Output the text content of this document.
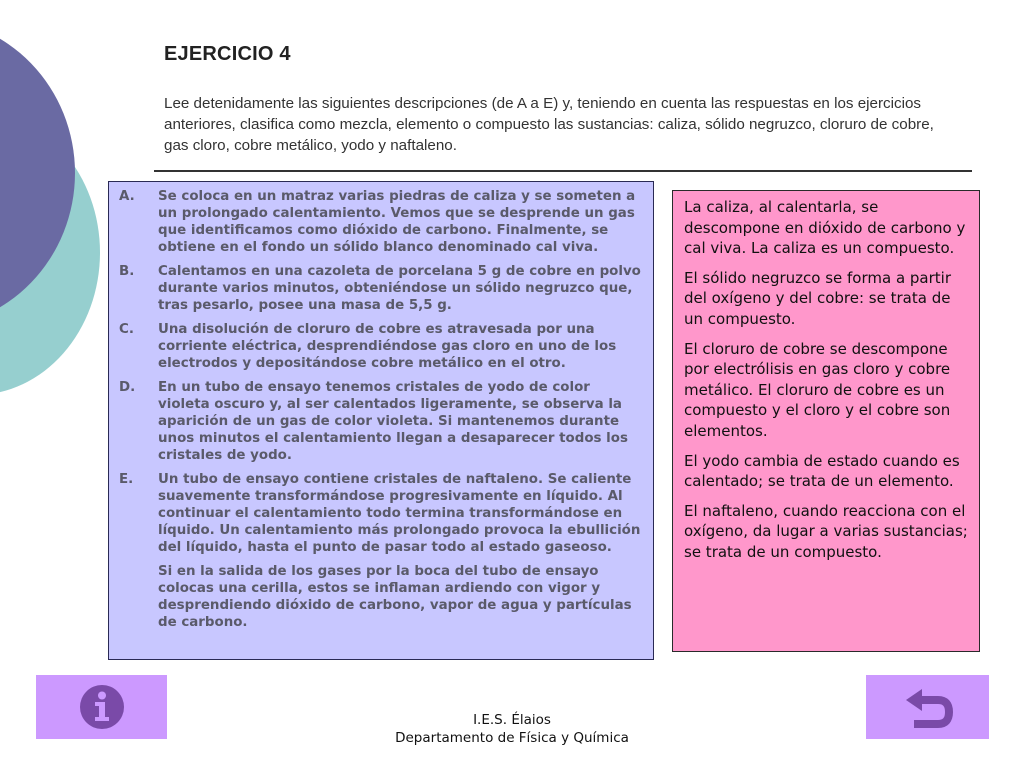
EJERCICIO 4

Lee detenidamente las siguientes descripciones (de A a E) y, teniendo en cuenta las respuestas en los ejercicios anteriores, clasifica como mezcla, elemento o compuesto las sustancias: caliza, sólido negruzco, cloruro de cobre, gas cloro, cobre metálico, yodo y naftaleno.

A.	Se coloca en un matraz varias piedras de caliza y se someten a un prolongado calentamiento. Vemos que se desprende un gas que identificamos como dióxido de carbono. Finalmente, se obtiene en el fondo un sólido blanco denominado cal viva.
B.	Calentamos en una cazoleta de porcelana 5 g de cobre en polvo durante varios minutos, obteniéndose un sólido negruzco que, tras pesarlo, posee una masa de 5,5 g.
C.	Una disolución de cloruro de cobre es atravesada por una corriente eléctrica, desprendiéndose gas cloro en uno de los electrodos y depositándose cobre metálico en el otro.
D.	En un tubo de ensayo tenemos cristales de yodo de color violeta oscuro y, al ser calentados ligeramente, se observa la aparición de un gas de color violeta. Si mantenemos durante unos minutos el calentamiento llegan a desaparecer todos los cristales de yodo.
E.	Un tubo de ensayo contiene cristales de naftaleno. Se caliente suavemente transformándose progresivamente en líquido. Al continuar el calentamiento todo termina transformándose en líquido. Un calentamiento más prolongado provoca la ebullición del líquido, hasta el punto de pasar todo al estado gaseoso.
Si en la salida de los gases por la boca del tubo de ensayo colocas una cerilla, estos se inflaman ardiendo con vigor y desprendiendo dióxido de carbono, vapor de agua y partículas de carbono.

La caliza, al calentarla, se descompone en dióxido de carbono y cal viva. La caliza es un compuesto.

El sólido negruzco se forma a partir del oxígeno y del cobre: se trata de un compuesto.

El cloruro de cobre se descompone por electrólisis en gas cloro y cobre metálico. El cloruro de cobre es un compuesto y el cloro y el cobre son elementos.

El yodo cambia de estado cuando es calentado; se trata de un elemento.

El naftaleno, cuando reacciona con el oxígeno, da lugar a varias sustancias; se trata de un compuesto.

I.E.S. Élaios
Departamento de Física y Química
